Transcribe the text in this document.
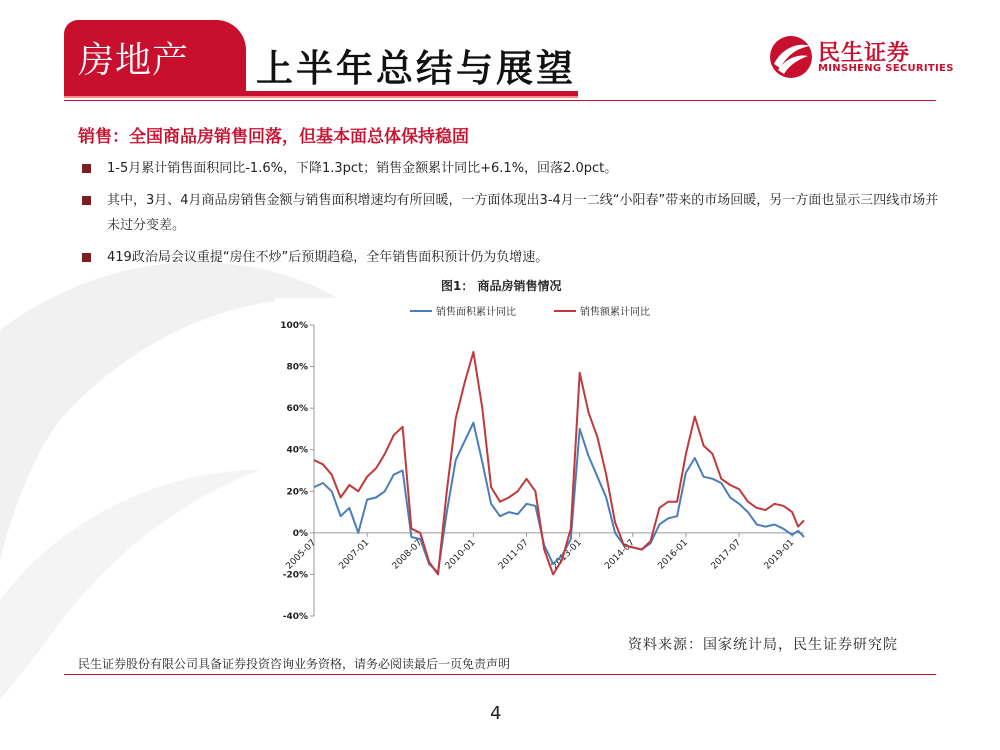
房地产 上半年总结与展望	民生证券
MINSHENG SECURITIES
销售：全国商品房销售回落，但基本面总体保持稳固
1-5月累计销售面积同比-1.6%，下降1.3pct；销售金额累计同比+6.1%，回落2.0pct。
其中，3月、4月商品房销售金额与销售面积增速均有所回暖，一方面体现出3-4月一二线“小阳春”带来的市场回暖，另一方面也显示三四线市场并未过分变差。
419政治局会议重提“房住不炒”后预期趋稳，全年销售面积预计仍为负增速。
图1： 商品房销售情况
100%
80%
60%
40%
20%
0%
-20%
-40%
2005-07 2007-01 2008-07 2010-01 2011-07 2013-01 2014-07 2016-01 2017-07 2019-01
销售面积累计同比	销售额累计同比
资料来源：国家统计局，民生证券研究院
民生证券股份有限公司具备证券投资咨询业务资格，请务必阅读最后一页免责声明
4
